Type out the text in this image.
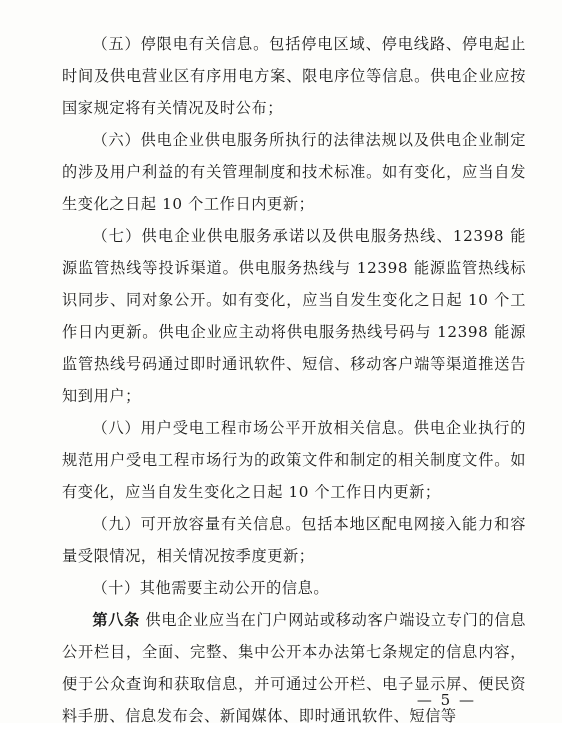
（五）停限电有关信息。包括停电区域、停电线路、停电起止时间及供电营业区有序用电方案、限电序位等信息。供电企业应按国家规定将有关情况及时公布；

（六）供电企业供电服务所执行的法律法规以及供电企业制定的涉及用户利益的有关管理制度和技术标准。如有变化，应当自发生变化之日起 10 个工作日内更新；

（七）供电企业供电服务承诺以及供电服务热线、12398 能源监管热线等投诉渠道。供电服务热线与 12398 能源监管热线标识同步、同对象公开。如有变化，应当自发生变化之日起 10 个工作日内更新。供电企业应主动将供电服务热线号码与 12398 能源监管热线号码通过即时通讯软件、短信、移动客户端等渠道推送告知到用户；

（八）用户受电工程市场公平开放相关信息。供电企业执行的规范用户受电工程市场行为的政策文件和制定的相关制度文件。如有变化，应当自发生变化之日起 10 个工作日内更新；

（九）可开放容量有关信息。包括本地区配电网接入能力和容量受限情况，相关情况按季度更新；

（十）其他需要主动公开的信息。

第八条 供电企业应当在门户网站或移动客户端设立专门的信息公开栏目，全面、完整、集中公开本办法第七条规定的信息内容，便于公众查询和获取信息，并可通过公开栏、电子显示屏、便民资料手册、信息发布会、新闻媒体、即时通讯软件、短信等

— 5 —
